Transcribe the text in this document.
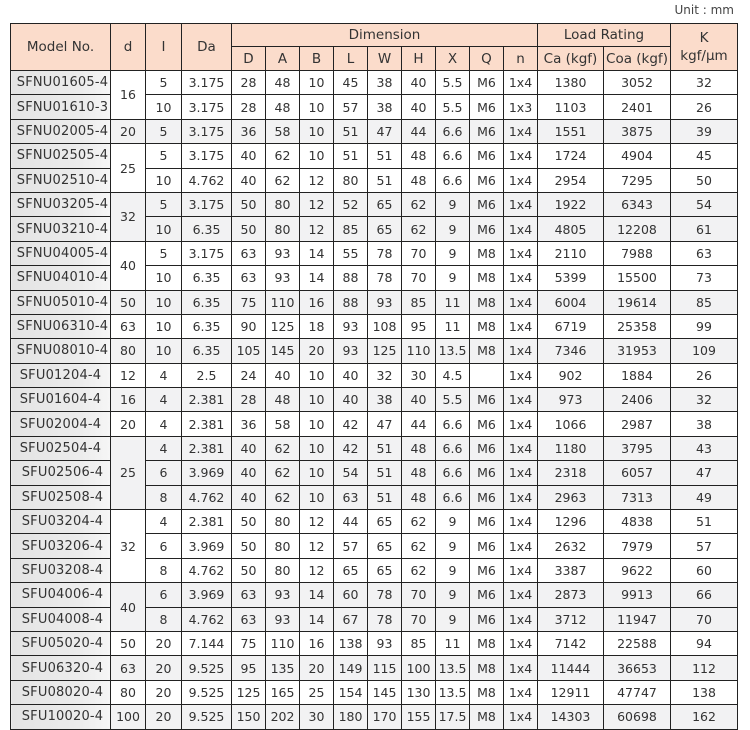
Unit : mm
Model No.	d	I	Da	Dimension									Load Rating		K
kgf/µm
				D	A	B	L	W	H	X	Q	n	Ca (kgf)	Coa (kgf)	
SFNU01605-4	16	5	3.175	28	48	10	45	38	40	5.5	M6	1x4	1380	3052	32
SFNU01610-3		10	3.175	28	48	10	57	38	40	5.5	M6	1x3	1103	2401	26
SFNU02005-4	20	5	3.175	36	58	10	51	47	44	6.6	M6	1x4	1551	3875	39
SFNU02505-4	25	5	3.175	40	62	10	51	51	48	6.6	M6	1x4	1724	4904	45
SFNU02510-4		10	4.762	40	62	12	80	51	48	6.6	M6	1x4	2954	7295	50
SFNU03205-4	32	5	3.175	50	80	12	52	65	62	9	M6	1x4	1922	6343	54
SFNU03210-4		10	6.35	50	80	12	85	65	62	9	M6	1x4	4805	12208	61
SFNU04005-4	40	5	3.175	63	93	14	55	78	70	9	M8	1x4	2110	7988	63
SFNU04010-4		10	6.35	63	93	14	88	78	70	9	M8	1x4	5399	15500	73
SFNU05010-4	50	10	6.35	75	110	16	88	93	85	11	M8	1x4	6004	19614	85
SFNU06310-4	63	10	6.35	90	125	18	93	108	95	11	M8	1x4	6719	25358	99
SFNU08010-4	80	10	6.35	105	145	20	93	125	110	13.5	M8	1x4	7346	31953	109
SFU01204-4	12	4	2.5	24	40	10	40	32	30	4.5		1x4	902	1884	26
SFU01604-4	16	4	2.381	28	48	10	40	38	40	5.5	M6	1x4	973	2406	32
SFU02004-4	20	4	2.381	36	58	10	42	47	44	6.6	M6	1x4	1066	2987	38
SFU02504-4	25	4	2.381	40	62	10	42	51	48	6.6	M6	1x4	1180	3795	43
SFU02506-4		6	3.969	40	62	10	54	51	48	6.6	M6	1x4	2318	6057	47
SFU02508-4		8	4.762	40	62	10	63	51	48	6.6	M6	1x4	2963	7313	49
SFU03204-4	32	4	2.381	50	80	12	44	65	62	9	M6	1x4	1296	4838	51
SFU03206-4		6	3.969	50	80	12	57	65	62	9	M6	1x4	2632	7979	57
SFU03208-4		8	4.762	50	80	12	65	65	62	9	M6	1x4	3387	9622	60
SFU04006-4	40	6	3.969	63	93	14	60	78	70	9	M6	1x4	2873	9913	66
SFU04008-4		8	4.762	63	93	14	67	78	70	9	M6	1x4	3712	11947	70
SFU05020-4	50	20	7.144	75	110	16	138	93	85	11	M8	1x4	7142	22588	94
SFU06320-4	63	20	9.525	95	135	20	149	115	100	13.5	M8	1x4	11444	36653	112
SFU08020-4	80	20	9.525	125	165	25	154	145	130	13.5	M8	1x4	12911	47747	138
SFU10020-4	100	20	9.525	150	202	30	180	170	155	17.5	M8	1x4	14303	60698	162
